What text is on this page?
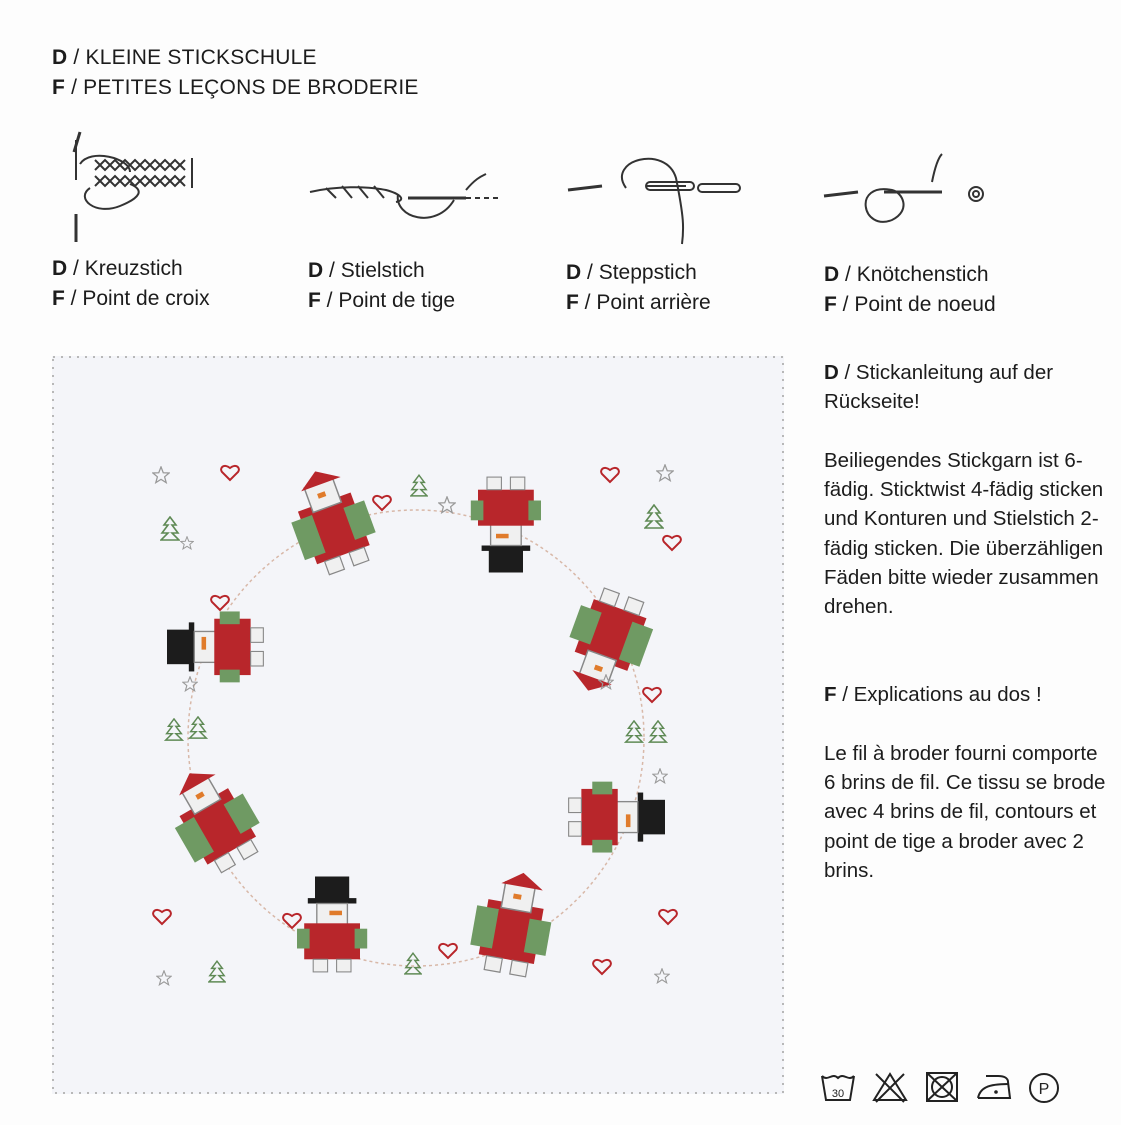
D / KLEINE STICKSCHULE
F / PETITES LEÇONS DE BRODERIE
D / Kreuzstich
F / Point de croix
D / Stielstich
F / Point de tige
D / Steppstich
F / Point arrière
D / Knötchenstich
F / Point de noeud

D / Stickanleitung auf der Rückseite!

Beiliegendes Stickgarn ist 6-fädig. Sticktwist 4-fädig sticken und Konturen und Stielstich 2-fädig sticken. Die überzähligen Fäden bitte wieder zusammen drehen.

F / Explications au dos !

Le fil à broder fourni comporte 6 brins de fil. Ce tissu se brode avec 4 brins de fil, contours et point de tige a broder avec 2 brins.

30	P
